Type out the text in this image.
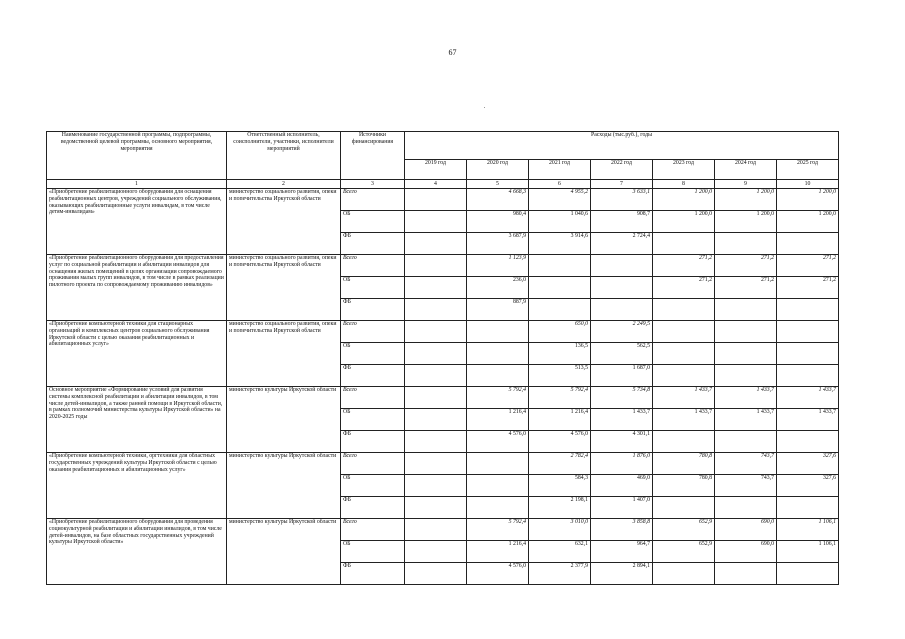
67
Наименование государственной программы, подпрограммы, ведомственной целевой программы, основного мероприятия, мероприятия	Ответственный исполнитель, соисполнители, участники, исполнители мероприятий	Источники финансирования	Расходы (тыс.руб.), годы						
			2019 год	2020 год	2021 год	2022 год	2023 год	2024 год	2025 год
1	2	3	4	5	6	7	8	9	10
«Приобретение реабилитационного оборудования для оснащения реабилитационных центров, учреждений социального обслуживания, оказывающих реабилитационные услуги инвалидам, в том числе детям-инвалидам»	министерство социального развития, опеки и попечительства Иркутской области	Всего		4 668,3	4 955,2	3 633,1	1 200,0	1 200,0	1 200,0
		ОБ		980,4	1 040,6	908,7	1 200,0	1 200,0	1 200,0
		ФБ		3 687,9	3 914,6	2 724,4			
«Приобретение реабилитационного оборудования для предоставления услуг по социальной реабилитации и абилитации инвалидов для оснащения жилых помещений в целях организации сопровождаемого проживания малых групп инвалидов, в том числе в рамках реализации пилотного проекта по сопровождаемому проживанию инвалидов»	министерство социального развития, опеки и попечительства Иркутской области	Всего		1 123,9			271,2	271,2	271,2
		ОБ		236,0			271,2	271,2	271,2
		ФБ		887,9					
«Приобретение компьютерной техники для стационарных организаций и комплексных центров социального обслуживания Иркутской области с целью оказания реабилитационных и абилитационных услуг»	министерство социального развития, опеки и попечительства Иркутской области	Всего			650,0	2 249,5			
		ОБ			136,5	562,5			
		ФБ			513,5	1 687,0			
Основное мероприятие «Формирование условий для развития системы комплексной реабилитации и абилитации инвалидов, в том числе детей-инвалидов, а также ранней помощи в Иркутской области, в рамках полномочий министерства культуры Иркутской области» на 2020-2025 годы	министерство культуры Иркутской области	Всего		5 792,4	5 792,4	5 734,8	1 433,7	1 433,7	1 433,7
		ОБ		1 216,4	1 216,4	1 433,7	1 433,7	1 433,7	1 433,7
		ФБ		4 576,0	4 576,0	4 301,1			
«Приобретение компьютерной техники, оргтехники для областных государственных учреждений культуры Иркутской области с целью оказания реабилитационных и абилитационных услуг»	министерство культуры Иркутской области	Всего			2 782,4	1 876,0	780,8	743,7	327,6
		ОБ			584,3	469,0	780,8	743,7	327,6
		ФБ			2 198,1	1 407,0			
«Приобретение реабилитационного оборудования для проведения социокультурной реабилитации и абилитации инвалидов, в том числе детей-инвалидов, на базе областных государственных учреждений культуры Иркутской области»	министерство культуры Иркутской области	Всего		5 792,4	3 010,0	3 858,8	652,9	690,0	1 106,1
		ОБ		1 216,4	632,1	964,7	652,9	690,0	1 106,1
		ФБ		4 576,0	2 377,9	2 894,1			
